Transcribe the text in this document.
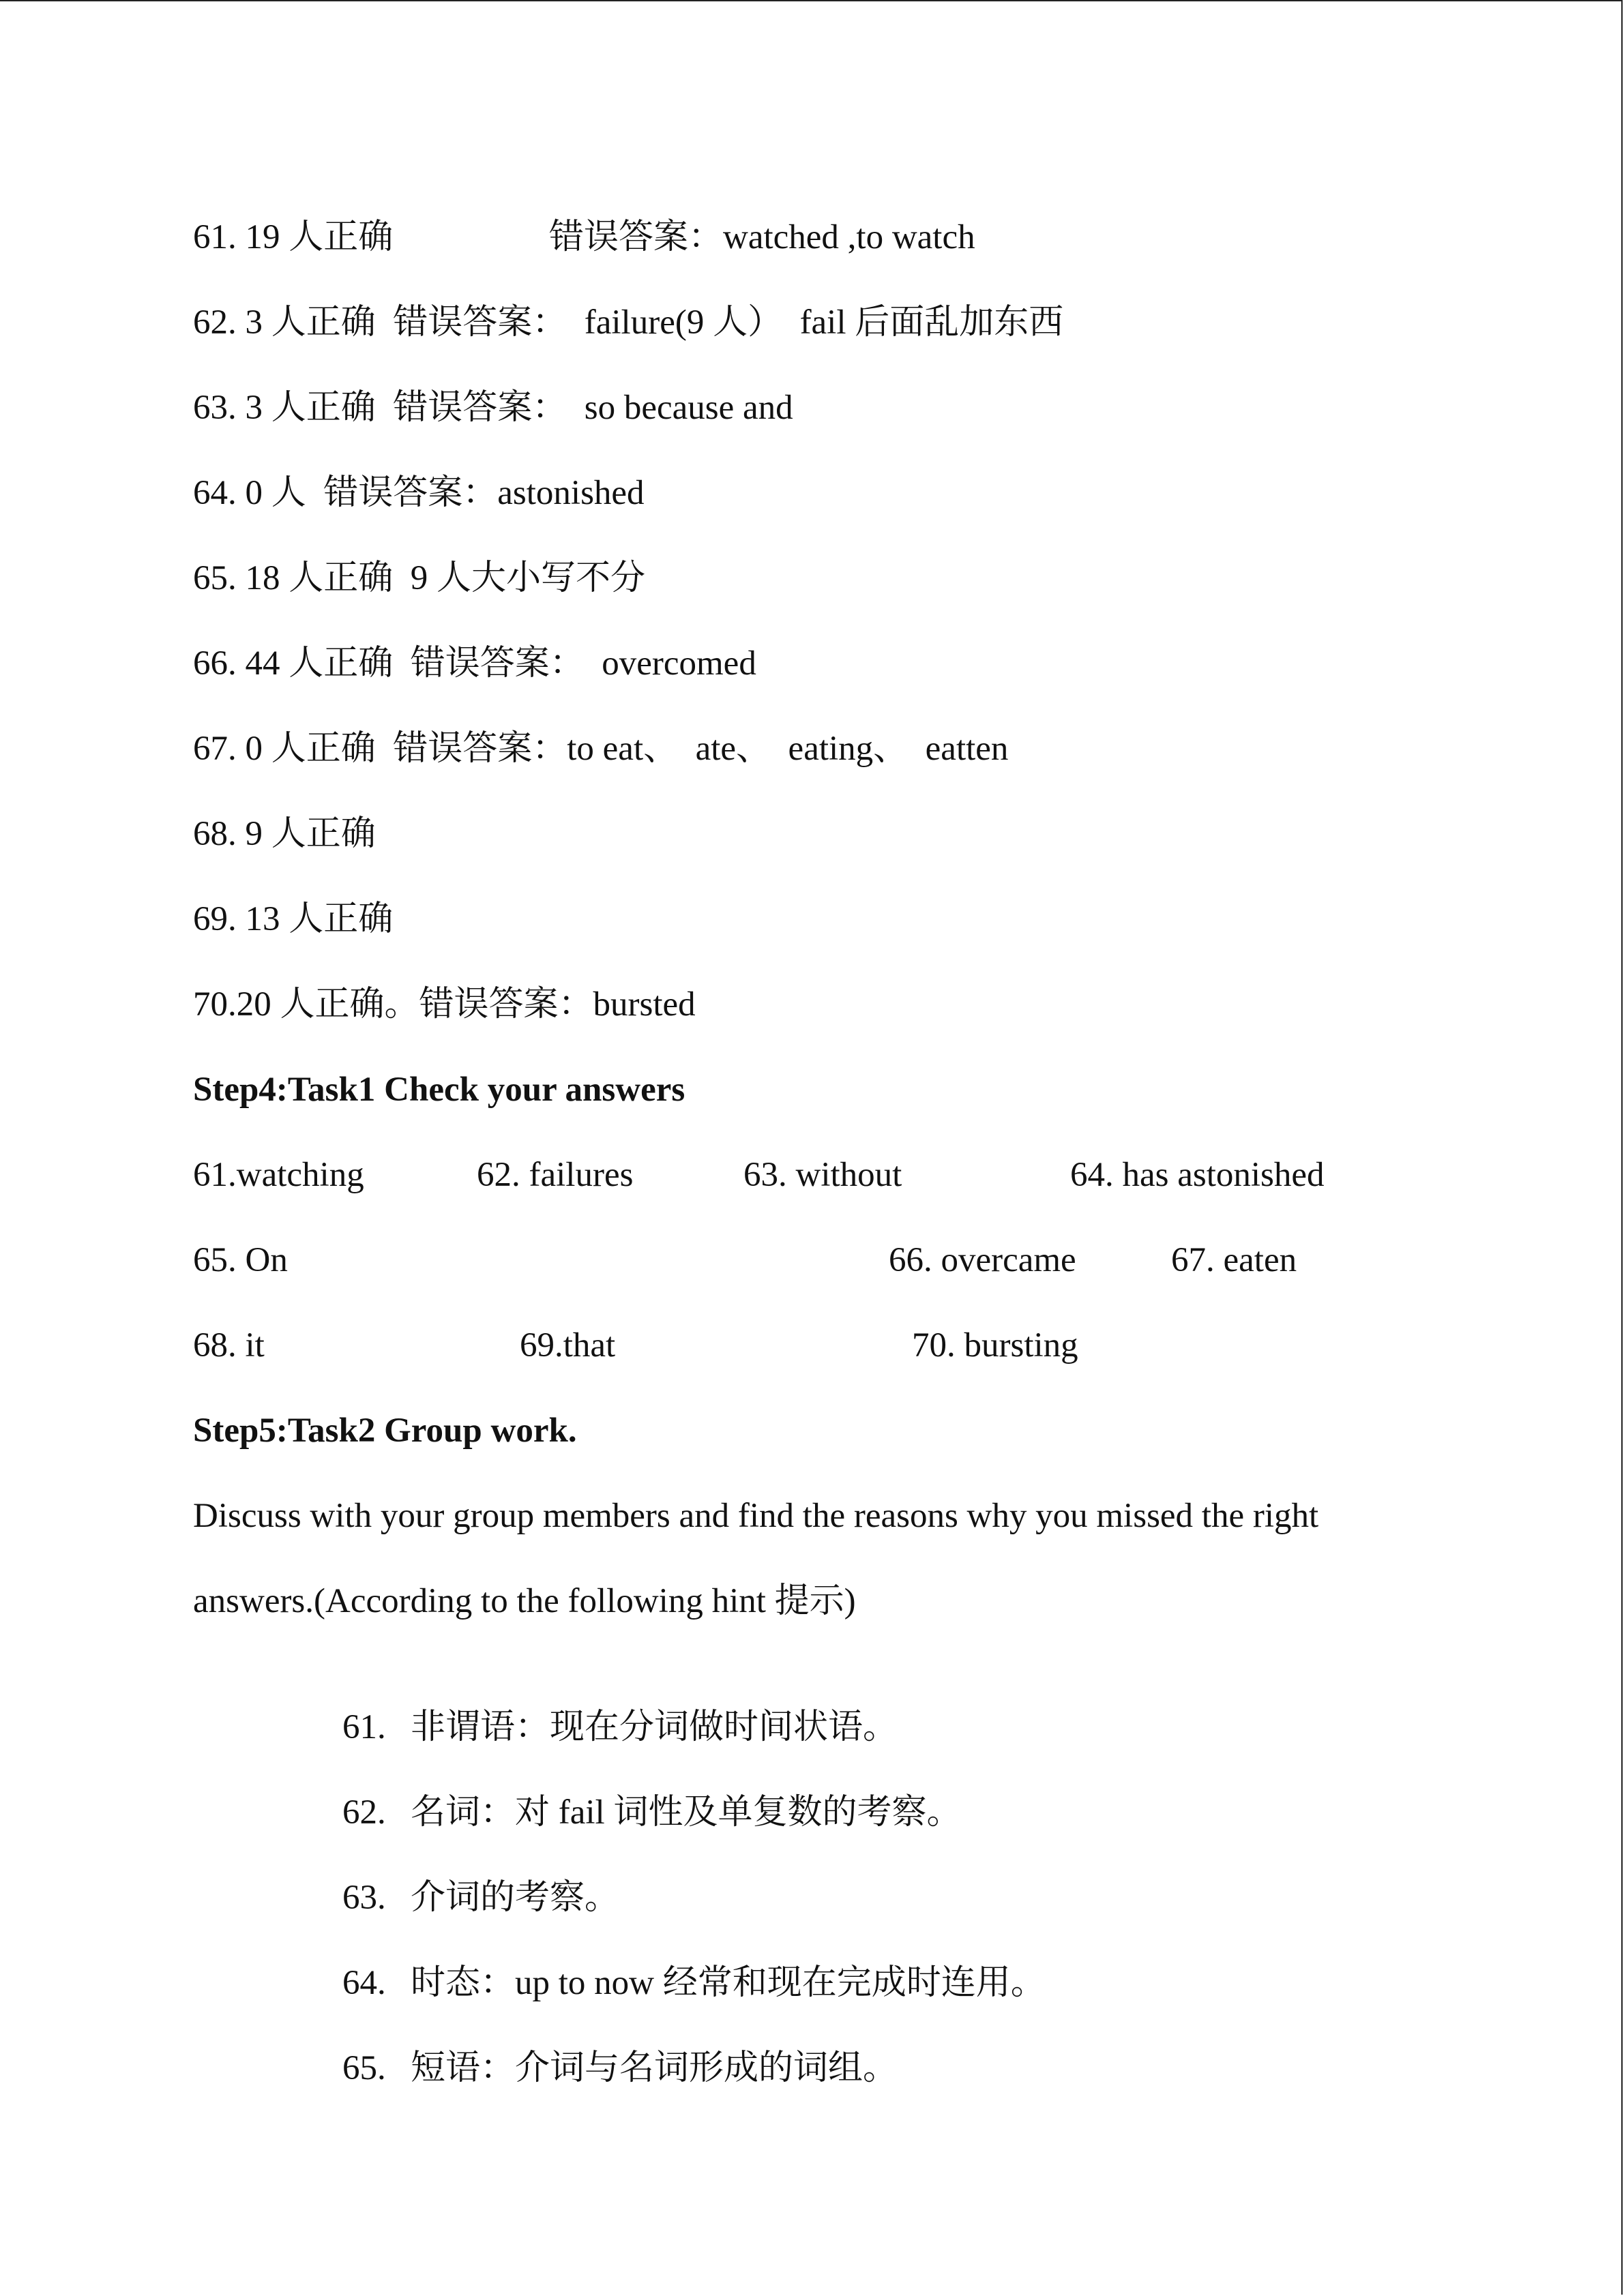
61. 19 人正确

	错误答案：watched ,to watch

62. 3 人正确  错误答案：  failure(9 人）  fail 后面乱加东西
63. 3 人正确  错误答案：  so because and
64. 0 人  错误答案：astonished
65. 18 人正确  9 人大小写不分
66. 44 人正确  错误答案：  overcomed
67. 0 人正确  错误答案：to eat、  ate、  eating、  eatten
68. 9 人正确
69. 13 人正确
70.20 人正确。错误答案：bursted
Step4:Task1 Check your answers

61.watching

	62. failures

	63. without

	64. has astonished

65. On

	66. overcame

	67. eaten

68. it

	69.that

	70. bursting

Step5:Task2 Group work.
Discuss with your group members and find the reasons why you missed the right
answers.(According to the following hint 提示)

61. 非谓语：现在分词做时间状语。

62. 名词：对 fail 词性及单复数的考察。

63. 介词的考察。

64. 时态：up to now 经常和现在完成时连用。

65. 短语：介词与名词形成的词组。
